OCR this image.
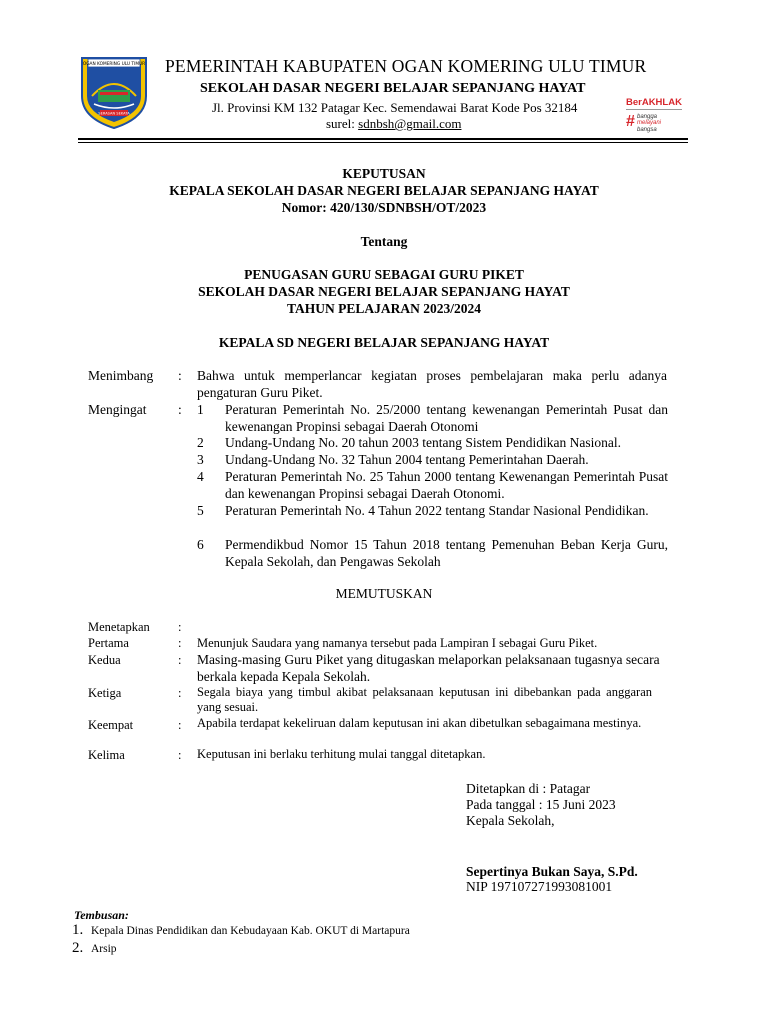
OGAN KOMERING ULU TIMUR
SERASAN SEKATA
PEMERINTAH KABUPATEN OGAN KOMERING ULU TIMUR
SEKOLAH DASAR NEGERI BELAJAR SEPANJANG HAYAT
Jl. Provinsi KM 132 Patagar Kec. Semendawai Barat Kode Pos 32184
surel: sdnbsh@gmail.com
BerAKHLAK
# bangga
melayani
bangsa
KEPUTUSAN
KEPALA SEKOLAH DASAR NEGERI BELAJAR SEPANJANG HAYAT
Nomor: 420/130/SDNBSH/OT/2023
Tentang
PENUGASAN GURU SEBAGAI GURU PIKET
SEKOLAH DASAR NEGERI BELAJAR SEPANJANG HAYAT
TAHUN PELAJARAN 2023/2024
KEPALA SD NEGERI BELAJAR SEPANJANG HAYAT
Menimbang : Bahwa untuk memperlancar kegiatan proses pembelajaran maka perlu adanya pengaturan Guru Piket.
Mengingat : 1 Peraturan Pemerintah No. 25/2000 tentang kewenangan Pemerintah Pusat dan kewenangan Propinsi sebagai Daerah Otonomi
2 Undang-Undang No. 20 tahun 2003 tentang Sistem Pendidikan Nasional.
3 Undang-Undang No. 32 Tahun 2004 tentang Pemerintahan Daerah.
4 Peraturan Pemerintah No. 25 Tahun 2000 tentang Kewenangan Pemerintah Pusat dan kewenangan Propinsi sebagai Daerah Otonomi.
5 Peraturan Pemerintah No. 4 Tahun 2022 tentang Standar Nasional Pendidikan.
6 Permendikbud Nomor 15 Tahun 2018 tentang Pemenuhan Beban Kerja Guru, Kepala Sekolah, dan Pengawas Sekolah
MEMUTUSKAN
Menetapkan :
Pertama	: Menunjuk Saudara yang namanya tersebut pada Lampiran I sebagai Guru Piket.
Kedua	: Masing-masing Guru Piket yang ditugaskan melaporkan pelaksanaan tugasnya secara berkala kepada Kepala Sekolah.
Ketiga	: Segala biaya yang timbul akibat pelaksanaan keputusan ini dibebankan pada anggaran yang sesuai.
Keempat	: Apabila terdapat kekeliruan dalam keputusan ini akan dibetulkan sebagaimana mestinya.
Kelima	: Keputusan ini berlaku terhitung mulai tanggal ditetapkan.
Ditetapkan di : Patagar
Pada tanggal : 15 Juni 2023
Kepala Sekolah,
Sepertinya Bukan Saya, S.Pd.
NIP 197107271993081001
Tembusan:
1. Kepala Dinas Pendidikan dan Kebudayaan Kab. OKUT di Martapura
2. Arsip
